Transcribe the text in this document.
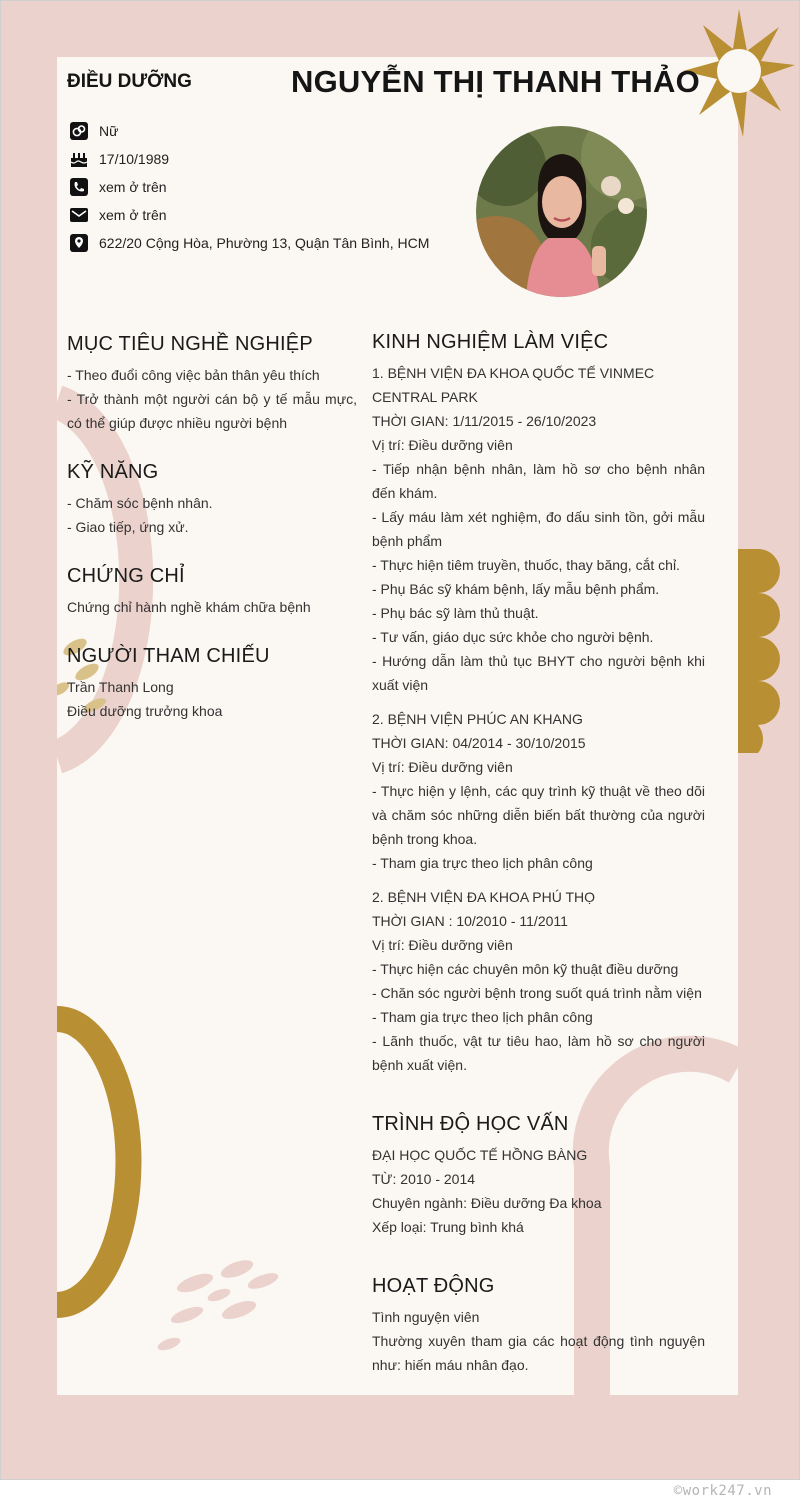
ĐIỀU DƯỠNG	NGUYỄN THỊ THANH THẢO
Nữ
17/10/1989
xem ở trên
xem ở trên
622/20 Cộng Hòa, Phường 13, Quận Tân Bình, HCM
MỤC TIÊU NGHỀ NGHIỆP
- Theo đuổi công việc bản thân yêu thích
- Trở thành một người cán bộ y tế mẫu mực, có thể giúp được nhiều người bệnh
KỸ NĂNG
- Chăm sóc bệnh nhân.
- Giao tiếp, ứng xử.
CHỨNG CHỈ
Chứng chỉ hành nghề khám chữa bệnh
NGƯỜI THAM CHIẾU
Trần Thanh Long
Điều dưỡng trưởng khoa
KINH NGHIỆM LÀM VIỆC
1. BỆNH VIỆN ĐA KHOA QUỐC TẾ VINMEC CENTRAL PARK
THỜI GIAN: 1/11/2015 - 26/10/2023
Vị trí: Điều dưỡng viên
- Tiếp nhận bệnh nhân, làm hồ sơ cho bệnh nhân đến khám.
- Lấy máu làm xét nghiệm, đo dấu sinh tồn, gởi mẫu bệnh phẩm
- Thực hiện tiêm truyền, thuốc, thay băng, cắt chỉ.
- Phụ Bác sỹ khám bệnh, lấy mẫu bệnh phẩm.
- Phụ bác sỹ làm thủ thuật.
- Tư vấn, giáo dục sức khỏe cho người bệnh.
- Hướng dẫn làm thủ tục BHYT cho người bệnh khi xuất viện
2. BỆNH VIỆN PHÚC AN KHANG
THỜI GIAN: 04/2014 - 30/10/2015
Vị trí: Điều dưỡng viên
- Thực hiện y lệnh, các quy trình kỹ thuật về theo dõi và chăm sóc những diễn biến bất thường của người bệnh trong khoa.
- Tham gia trực theo lịch phân công
2. BỆNH VIỆN ĐA KHOA PHÚ THỌ
THỜI GIAN : 10/2010 - 11/2011
Vị trí: Điều dưỡng viên
- Thực hiện các chuyên môn kỹ thuật điều dưỡng
- Chăn sóc người bệnh trong suốt quá trình nằm viện
- Tham gia trực theo lịch phân công
- Lãnh thuốc, vật tư tiêu hao, làm hồ sơ cho người bệnh xuất viện.
TRÌNH ĐỘ HỌC VẤN
ĐẠI HỌC QUỐC TẾ HỒNG BÀNG
TỪ: 2010 - 2014
Chuyên ngành: Điều dưỡng Đa khoa
Xếp loại: Trung bình khá
HOẠT ĐỘNG
Tình nguyện viên
Thường xuyên tham gia các hoạt động tình nguyện như: hiến máu nhân đạo.
©work247.vn
